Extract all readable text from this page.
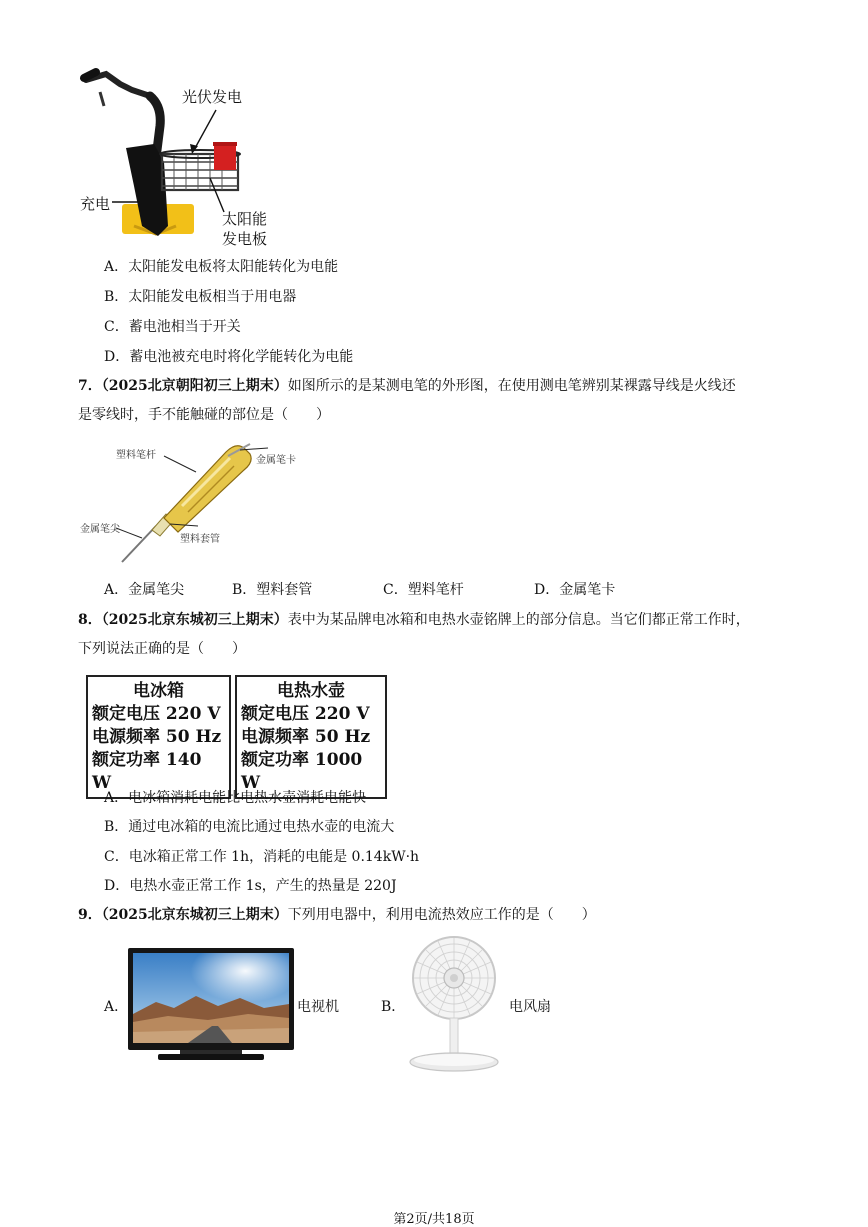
光伏发电
充电
太阳能
发电板
A．太阳能发电板将太阳能转化为电能
B．太阳能发电板相当于用电器
C．蓄电池相当于开关
D．蓄电池被充电时将化学能转化为电能
7．（2025北京朝阳初三上期末）如图所示的是某测电笔的外形图，在使用测电笔辨别某裸露导线是火线还
是零线时，手不能触碰的部位是（　　）
塑料笔杆	金属笔卡
金属笔尖
塑料套管
A．金属笔尖	B．塑料套管	C．塑料笔杆	D．金属笔卡
8．（2025北京东城初三上期末）表中为某品牌电冰箱和电热水壶铭牌上的部分信息。当它们都正常工作时，
下列说法正确的是（　　）
电冰箱
额定电压 220 V
电源频率 50 Hz
额定功率 140 W
电热水壶
额定电压 220 V
电源频率 50 Hz
额定功率 1000 W
A．电冰箱消耗电能比电热水壶消耗电能快
B．通过电冰箱的电流比通过电热水壶的电流大
C．电冰箱正常工作 1h，消耗的电能是 0.14kW·h
D．电热水壶正常工作 1s，产生的热量是 220J
9．（2025北京东城初三上期末）下列用电器中，利用电流热效应工作的是（　　）
A．	电视机	B．	电风扇
第2页/共18页
